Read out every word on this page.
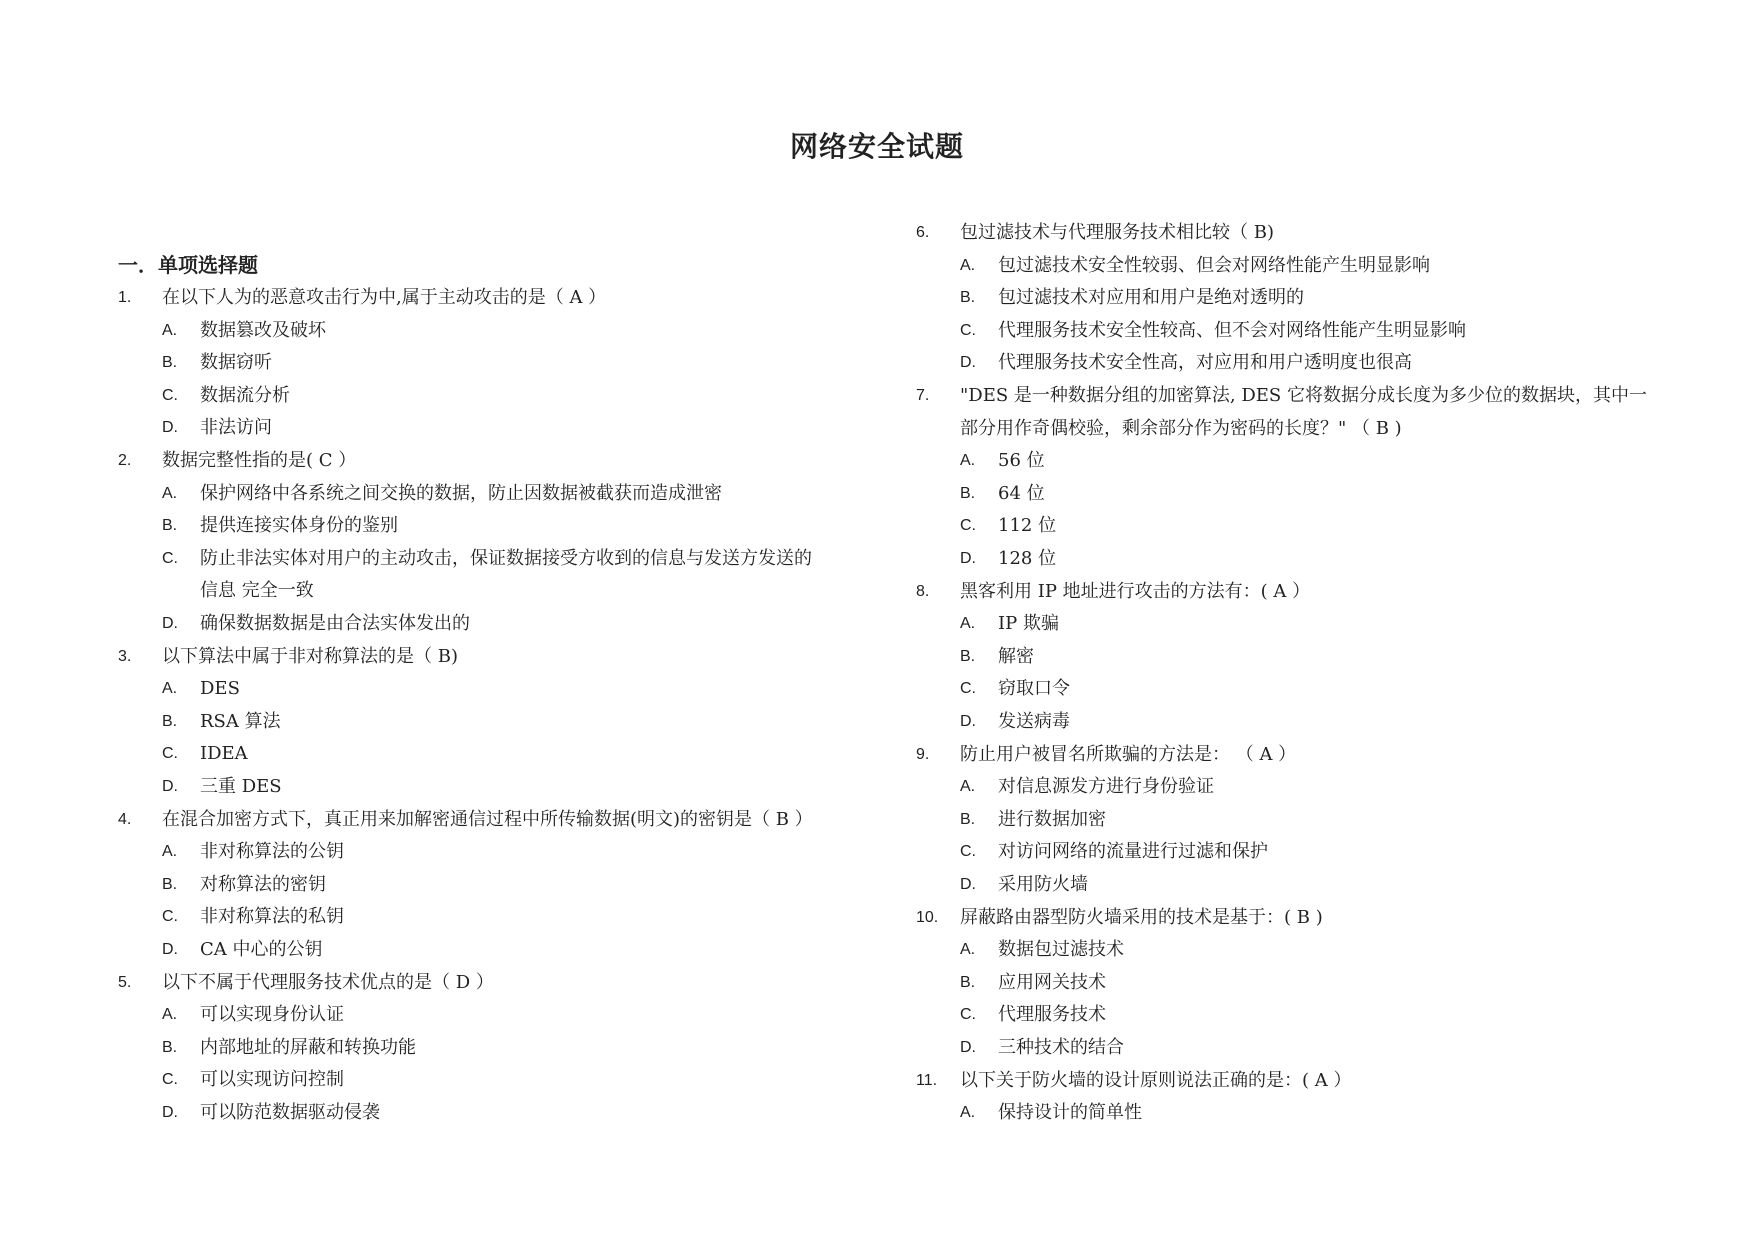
网络安全试题
一．单项选择题
1. 在以下人为的恶意攻击行为中,属于主动攻击的是（ A ）
A. 数据篡改及破坏
B. 数据窃听
C. 数据流分析
D. 非法访问
2. 数据完整性指的是( C ）
A. 保护网络中各系统之间交换的数据，防止因数据被截获而造成泄密
B. 提供连接实体身份的鉴别
C. 防止非法实体对用户的主动攻击，保证数据接受方收到的信息与发送方发送的
信息 完全一致
D. 确保数据数据是由合法实体发出的
3. 以下算法中属于非对称算法的是（ B)
A. DES
B. RSA 算法
C. IDEA
D. 三重 DES
4. 在混合加密方式下，真正用来加解密通信过程中所传输数据(明文)的密钥是（ B ）
A. 非对称算法的公钥
B. 对称算法的密钥
C. 非对称算法的私钥
D. CA 中心的公钥
5. 以下不属于代理服务技术优点的是（ D ）
A. 可以实现身份认证
B. 内部地址的屏蔽和转换功能
C. 可以实现访问控制
D. 可以防范数据驱动侵袭
6. 包过滤技术与代理服务技术相比较（ B)
A. 包过滤技术安全性较弱、但会对网络性能产生明显影响
B. 包过滤技术对应用和用户是绝对透明的
C. 代理服务技术安全性较高、但不会对网络性能产生明显影响
D. 代理服务技术安全性高，对应用和用户透明度也很高
7. "DES 是一种数据分组的加密算法, DES 它将数据分成长度为多少位的数据块，其中一
部分用作奇偶校验，剩余部分作为密码的长度？" （ B )
A. 56 位
B. 64 位
C. 112 位
D. 128 位
8. 黑客利用 IP 地址进行攻击的方法有：( A ）
A. IP 欺骗
B. 解密
C. 窃取口令
D. 发送病毒
9. 防止用户被冒名所欺骗的方法是： （ A ）
A. 对信息源发方进行身份验证
B. 进行数据加密
C. 对访问网络的流量进行过滤和保护
D. 采用防火墙
10. 屏蔽路由器型防火墙采用的技术是基于：( B )
A. 数据包过滤技术
B. 应用网关技术
C. 代理服务技术
D. 三种技术的结合
11. 以下关于防火墙的设计原则说法正确的是：( A ）
A. 保持设计的简单性
